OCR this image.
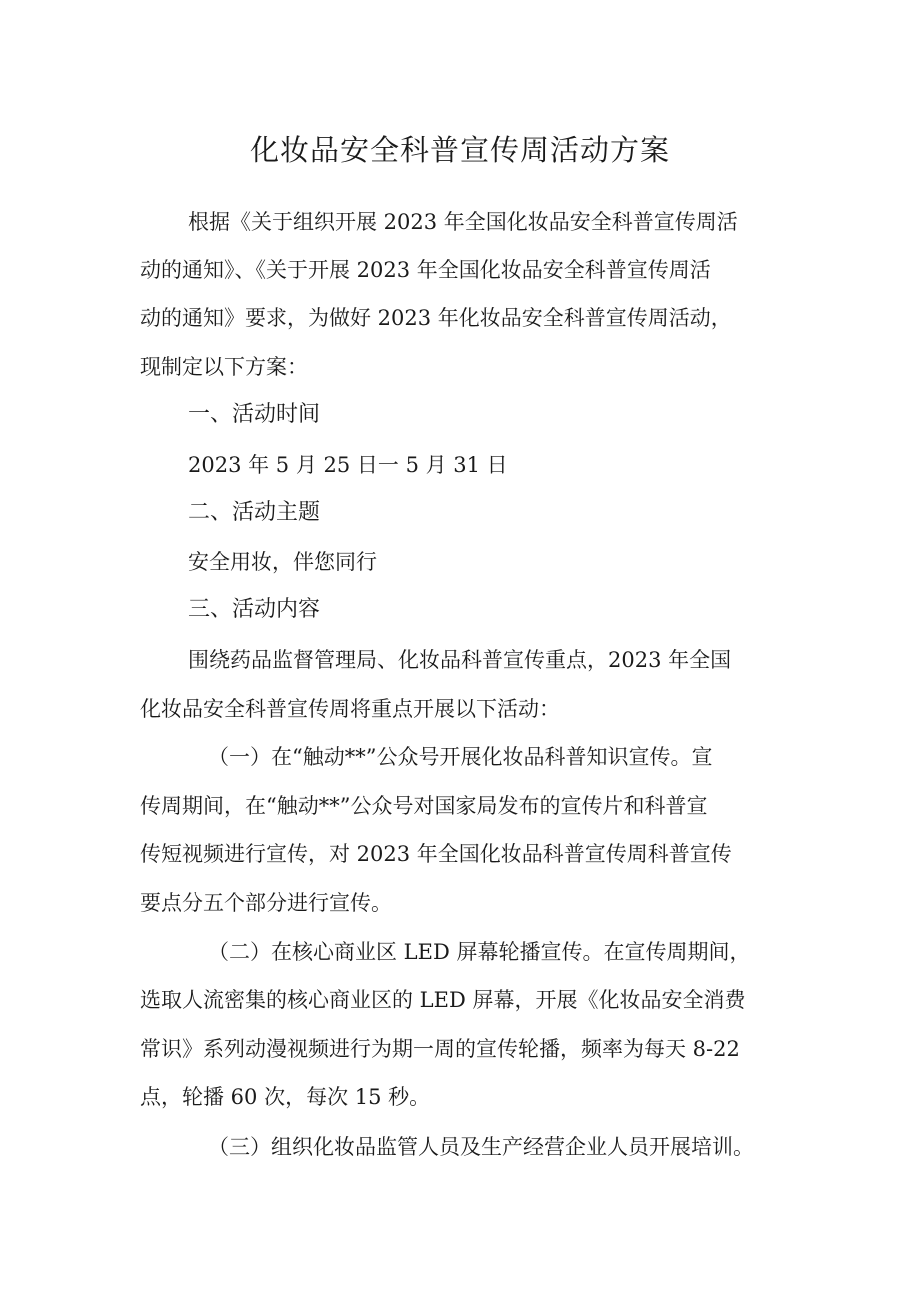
化妆品安全科普宣传周活动方案
根据《关于组织开展 2023 年全国化妆品安全科普宣传周活
动的通知》、《关于开展 2023 年全国化妆品安全科普宣传周活
动的通知》要求，为做好 2023 年化妆品安全科普宣传周活动，
现制定以下方案：
一、活动时间
2023 年 5 月 25 日一 5 月 31 日
二、活动主题
安全用妆，伴您同行
三、活动内容
围绕药品监督管理局、化妆品科普宣传重点，2023 年全国
化妆品安全科普宣传周将重点开展以下活动：
（一）在“触动**”公众号开展化妆品科普知识宣传。宣
传周期间，在“触动**”公众号对国家局发布的宣传片和科普宣
传短视频进行宣传，对 2023 年全国化妆品科普宣传周科普宣传
要点分五个部分进行宣传。
（二）在核心商业区 LED 屏幕轮播宣传。在宣传周期间，
选取人流密集的核心商业区的 LED 屏幕，开展《化妆品安全消费
常识》系列动漫视频进行为期一周的宣传轮播，频率为每天 8-22
点，轮播 60 次，每次 15 秒。
（三）组织化妆品监管人员及生产经营企业人员开展培训。
